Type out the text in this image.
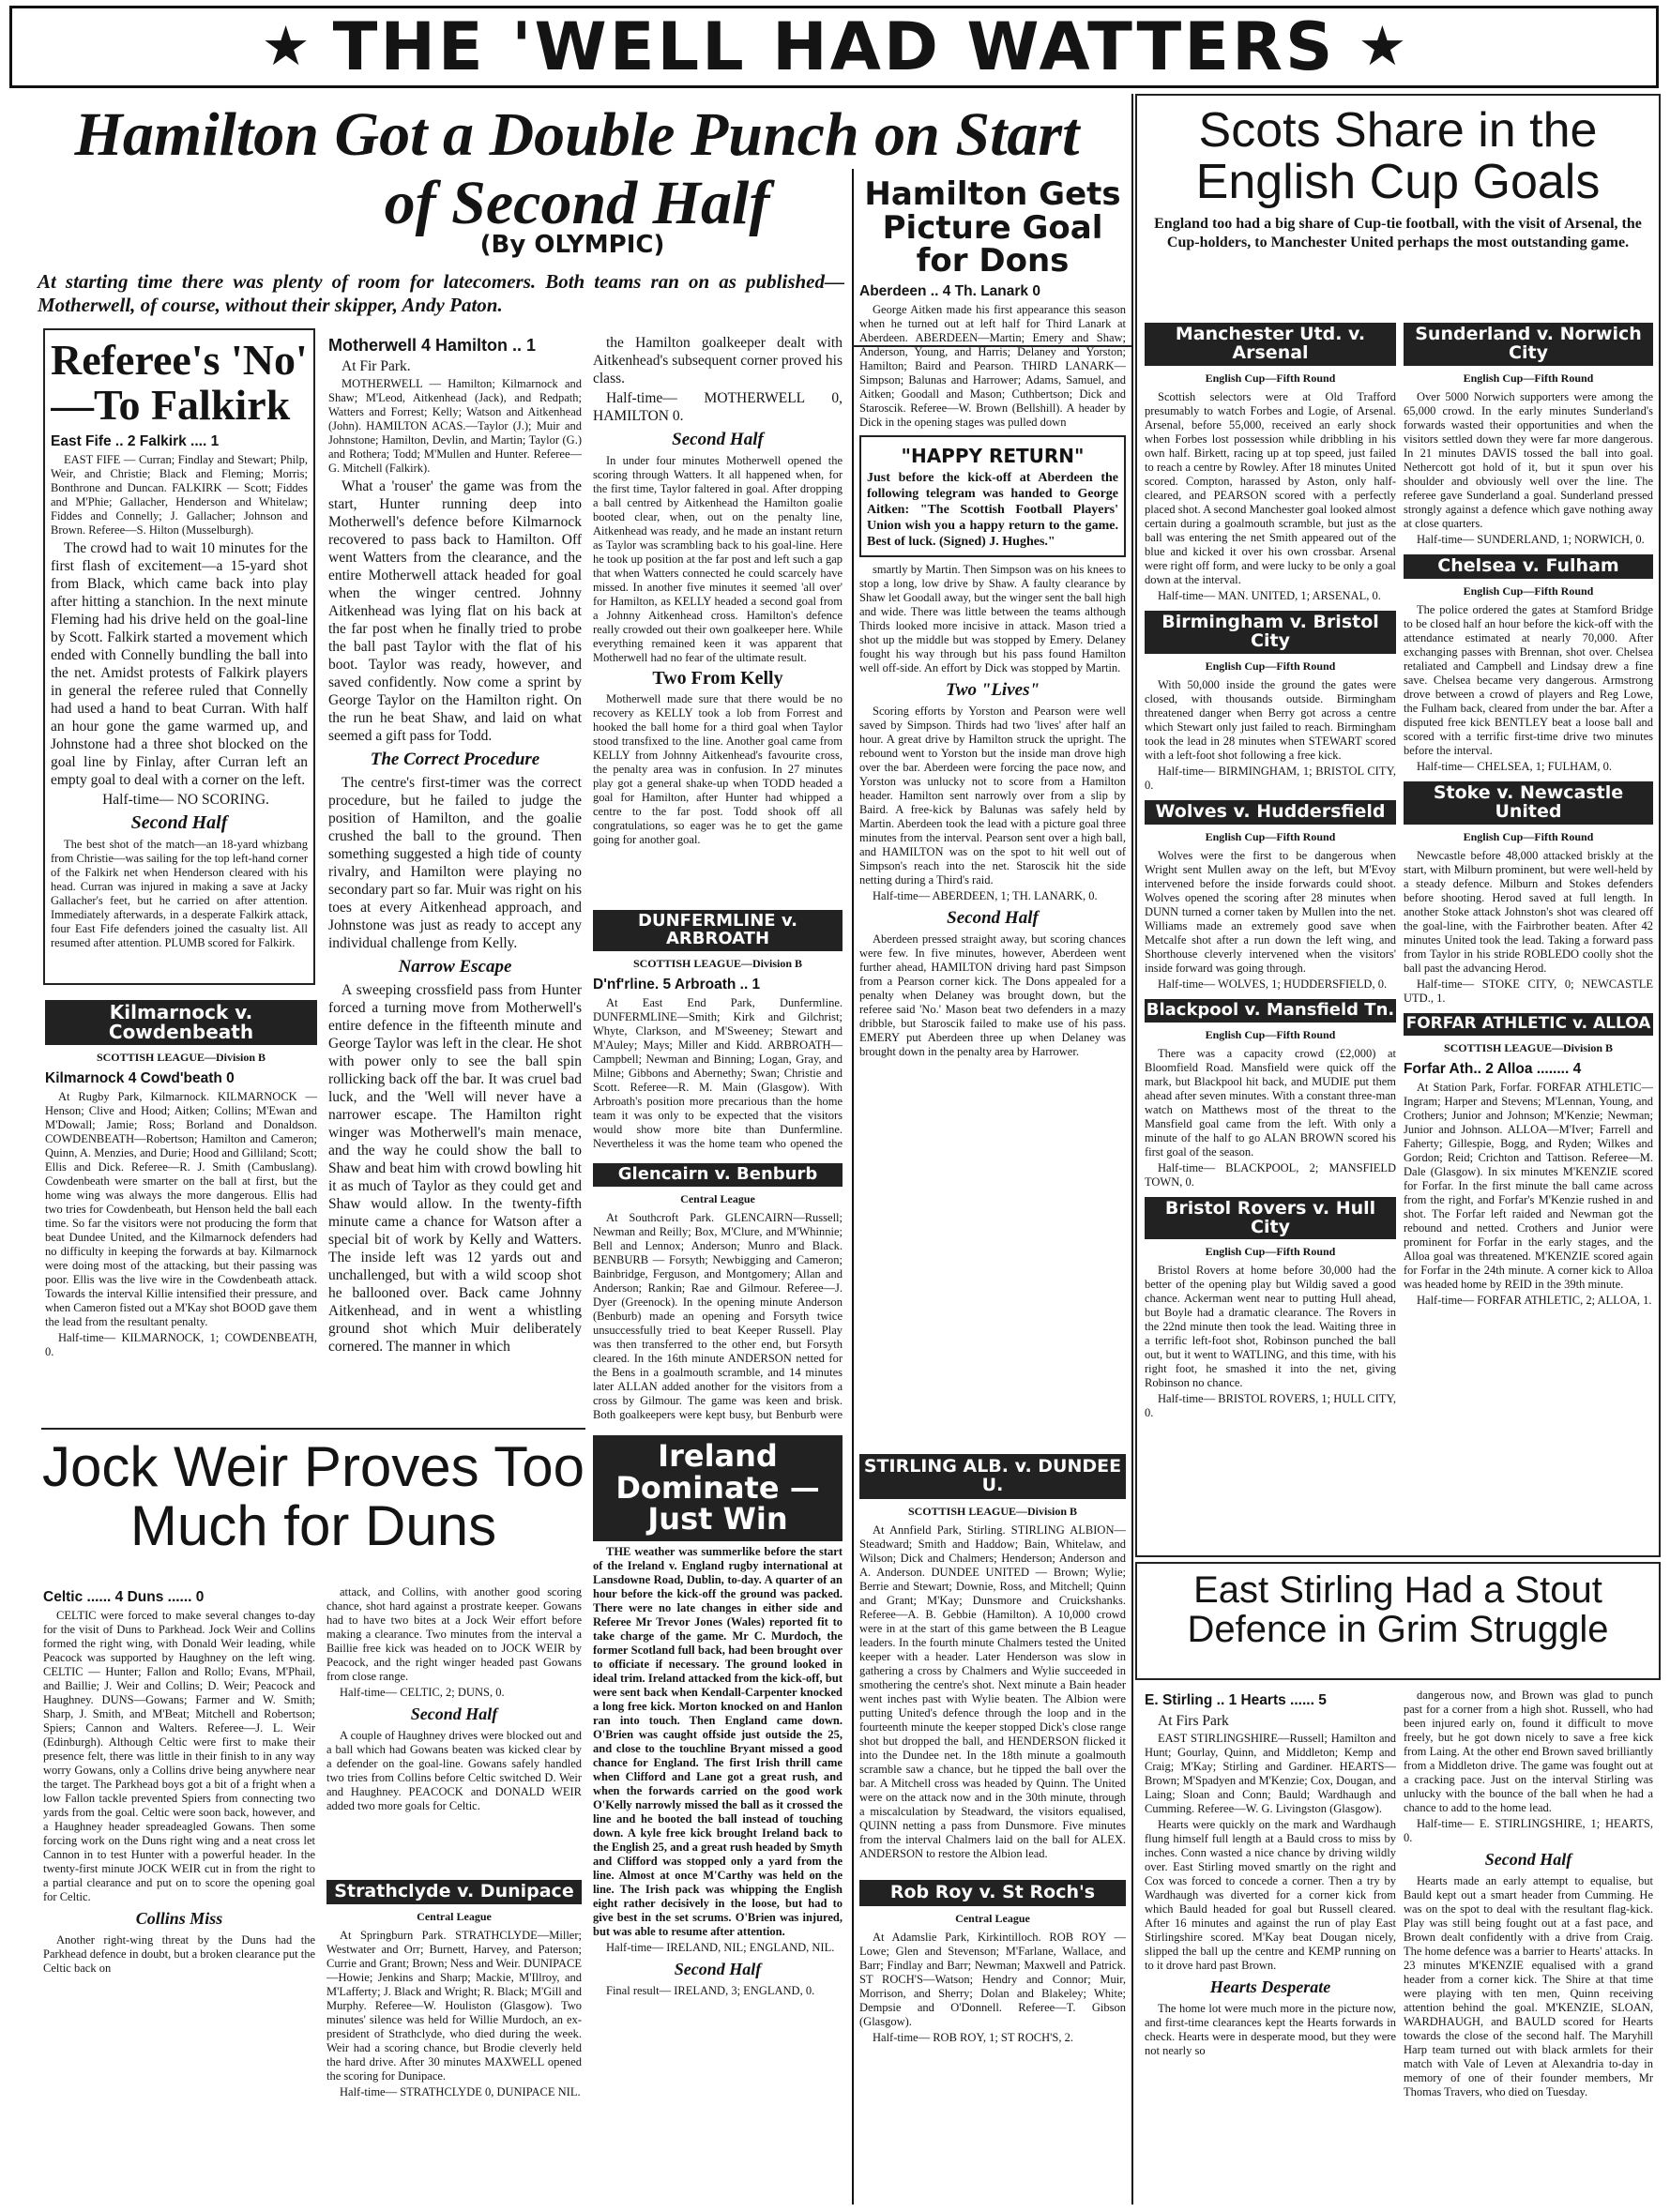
★ THE 'WELL HAD WATTERS ★
Hamilton Got a Double Punch on Start of Second Half
(By OLYMPIC)
At starting time there was plenty of room for latecomers. Both teams ran on as published—Motherwell, of course, without their skipper, Andy Paton.
Referee's 'No' —To Falkirk
East Fife .. 2 Falkirk .... 1

EAST FIFE — Curran; Findlay and Stewart; Philp, Weir, and Christie; Black and Fleming; Morris; Bonthrone and Duncan. FALKIRK — Scott; Fiddes and M'Phie; Gallacher, Henderson and Whitelaw; Fiddes and Connelly; J. Gallacher; Johnson and Brown. Referee—S. Hilton (Musselburgh).

The crowd had to wait 10 minutes for the first flash of excitement—a 15-yard shot from Black, which came back into play after hitting a stanchion. In the next minute Fleming had his drive held on the goal-line by Scott. Falkirk started a movement which ended with Connelly bundling the ball into the net. Amidst protests of Falkirk players in general the referee ruled that Connelly had used a hand to beat Curran. With half an hour gone the game warmed up, and Johnstone had a three shot blocked on the goal line by Finlay, after Curran left an empty goal to deal with a corner on the left.

Half-time— NO SCORING.

Second Half

The best shot of the match—an 18-yard whizbang from Christie—was sailing for the top left-hand corner of the Falkirk net when Henderson cleared with his head. Curran was injured in making a save at Jacky Gallacher's feet, but he carried on after attention. Immediately afterwards, in a desperate Falkirk attack, four East Fife defenders joined the casualty list. All resumed after attention. PLUMB scored for Falkirk.

Kilmarnock v. Cowdenbeath
SCOTTISH LEAGUE—Division B
Kilmarnock 4 Cowd'beath 0

At Rugby Park, Kilmarnock. KILMARNOCK — Henson; Clive and Hood; Aitken; Collins; M'Ewan and M'Dowall; Jamie; Ross; Borland and Donaldson. COWDENBEATH—Robertson; Hamilton and Cameron; Quinn, A. Menzies, and Durie; Hood and Gilliland; Scott; Ellis and Dick. Referee—R. J. Smith (Cambuslang). Cowdenbeath were smarter on the ball at first, but the home wing was always the more dangerous. Ellis had two tries for Cowdenbeath, but Henson held the ball each time. So far the visitors were not producing the form that beat Dundee United, and the Kilmarnock defenders had no difficulty in keeping the forwards at bay. Kilmarnock were doing most of the attacking, but their passing was poor. Ellis was the live wire in the Cowdenbeath attack. Towards the interval Killie intensified their pressure, and when Cameron fisted out a M'Kay shot BOOD gave them the lead from the resultant penalty.

Half-time— KILMARNOCK, 1; COWDENBEATH, 0.

Motherwell 4 Hamilton .. 1

At Fir Park.

MOTHERWELL — Hamilton; Kilmarnock and Shaw; M'Leod, Aitkenhead (Jack), and Redpath; Watters and Forrest; Kelly; Watson and Aitkenhead (John). HAMILTON ACAS.—Taylor (J.); Muir and Johnstone; Hamilton, Devlin, and Martin; Taylor (G.) and Rothera; Todd; M'Mullen and Hunter. Referee—G. Mitchell (Falkirk).

What a 'rouser' the game was from the start, Hunter running deep into Motherwell's defence before Kilmarnock recovered to pass back to Hamilton. Off went Watters from the clearance, and the entire Motherwell attack headed for goal when the winger centred. Johnny Aitkenhead was lying flat on his back at the far post when he finally tried to probe the ball past Taylor with the flat of his boot. Taylor was ready, however, and saved confidently. Now come a sprint by George Taylor on the Hamilton right. On the run he beat Shaw, and laid on what seemed a gift pass for Todd.

The Correct Procedure

The centre's first-timer was the correct procedure, but he failed to judge the position of Hamilton, and the goalie crushed the ball to the ground. Then something suggested a high tide of county rivalry, and Hamilton were playing no secondary part so far. Muir was right on his toes at every Aitkenhead approach, and Johnstone was just as ready to accept any individual challenge from Kelly.

Narrow Escape

A sweeping crossfield pass from Hunter forced a turning move from Motherwell's entire defence in the fifteenth minute and George Taylor was left in the clear. He shot with power only to see the ball spin rollicking back off the bar. It was cruel bad luck, and the 'Well will never have a narrower escape. The Hamilton right winger was Motherwell's main menace, and the way he could show the ball to Shaw and beat him with crowd bowling hit it as much of Taylor as they could get and Shaw would allow. In the twenty-fifth minute came a chance for Watson after a special bit of work by Kelly and Watters. The inside left was 12 yards out and unchallenged, but with a wild scoop shot he ballooned over. Back came Johnny Aitkenhead, and in went a whistling ground shot which Muir deliberately cornered. The manner in which

the Hamilton goalkeeper dealt with Aitkenhead's subsequent corner proved his class.

Half-time— MOTHERWELL 0, HAMILTON 0.

Second Half

In under four minutes Motherwell opened the scoring through Watters. It all happened when, for the first time, Taylor faltered in goal. After dropping a ball centred by Aitkenhead the Hamilton goalie booted clear, when, out on the penalty line, Aitkenhead was ready, and he made an instant return as Taylor was scrambling back to his goal-line. Here he took up position at the far post and left such a gap that when Watters connected he could scarcely have missed. In another five minutes it seemed 'all over' for Hamilton, as KELLY headed a second goal from a Johnny Aitkenhead cross. Hamilton's defence really crowded out their own goalkeeper here. While everything remained keen it was apparent that Motherwell had no fear of the ultimate result.

Two From Kelly

Motherwell made sure that there would be no recovery as KELLY took a lob from Forrest and hooked the ball home for a third goal when Taylor stood transfixed to the line. Another goal came from KELLY from Johnny Aitkenhead's favourite cross, the penalty area was in confusion. In 27 minutes play got a general shake-up when TODD headed a goal for Hamilton, after Hunter had whipped a centre to the far post. Todd shook off all congratulations, so eager was he to get the game going for another goal.

DUNFERMLINE v. ARBROATH
SCOTTISH LEAGUE—Division B
D'nf'rline. 5 Arbroath .. 1

At East End Park, Dunfermline. DUNFERMLINE—Smith; Kirk and Gilchrist; Whyte, Clarkson, and M'Sweeney; Stewart and M'Auley; Mays; Miller and Kidd. ARBROATH—Campbell; Newman and Binning; Logan, Gray, and Milne; Gibbons and Abernethy; Swan; Christie and Scott. Referee—R. M. Main (Glasgow). With Arbroath's position more precarious than the home team it was only to be expected that the visitors would show more bite than Dunfermline. Nevertheless it was the home team who opened the

Glencairn v. Benburb
Central League

At Southcroft Park. GLENCAIRN—Russell; Newman and Reilly; Box, M'Clure, and M'Whinnie; Bell and Lennox; Anderson; Munro and Black. BENBURB — Forsyth; Newbigging and Cameron; Bainbridge, Ferguson, and Montgomery; Allan and Anderson; Rankin; Rae and Gilmour. Referee—J. Dyer (Greenock). In the opening minute Anderson (Benburb) made an opening and Forsyth twice unsuccessfully tried to beat Keeper Russell. Play was then transferred to the other end, but Forsyth cleared. In the 16th minute ANDERSON netted for the Bens in a goalmouth scramble, and 14 minutes later ALLAN added another for the visitors from a cross by Gilmour. The game was keen and brisk. Both goalkeepers were kept busy, but Benburb were

Hamilton Gets Picture Goal for Dons
Aberdeen .. 4 Th. Lanark 0

George Aitken made his first appearance this season when he turned out at left half for Third Lanark at Aberdeen. ABERDEEN—Martin; Emery and Shaw; Anderson, Young, and Harris; Delaney and Yorston; Hamilton; Baird and Pearson. THIRD LANARK—Simpson; Balunas and Harrower; Adams, Samuel, and Aitken; Goodall and Mason; Cuthbertson; Dick and Staroscik. Referee—W. Brown (Bellshill). A header by Dick in the opening stages was pulled down

"HAPPY RETURN"
Just before the kick-off at Aberdeen the following telegram was handed to George Aitken: "The Scottish Football Players' Union wish you a happy return to the game. Best of luck. (Signed) J. Hughes."

smartly by Martin. Then Simpson was on his knees to stop a long, low drive by Shaw. A faulty clearance by Shaw let Goodall away, but the winger sent the ball high and wide. There was little between the teams although Thirds looked more incisive in attack. Mason tried a shot up the middle but was stopped by Emery. Delaney fought his way through but his pass found Hamilton well off-side. An effort by Dick was stopped by Martin.

Two "Lives"

Scoring efforts by Yorston and Pearson were well saved by Simpson. Thirds had two 'lives' after half an hour. A great drive by Hamilton struck the upright. The rebound went to Yorston but the inside man drove high over the bar. Aberdeen were forcing the pace now, and Yorston was unlucky not to score from a Hamilton header. Hamilton sent narrowly over from a slip by Baird. A free-kick by Balunas was safely held by Martin. Aberdeen took the lead with a picture goal three minutes from the interval. Pearson sent over a high ball, and HAMILTON was on the spot to hit well out of Simpson's reach into the net. Staroscik hit the side netting during a Third's raid.

Half-time— ABERDEEN, 1; TH. LANARK, 0.

Second Half

Aberdeen pressed straight away, but scoring chances were few. In five minutes, however, Aberdeen went further ahead, HAMILTON driving hard past Simpson from a Pearson corner kick. The Dons appealed for a penalty when Delaney was brought down, but the referee said 'No.' Mason beat two defenders in a mazy dribble, but Staroscik failed to make use of his pass. EMERY put Aberdeen three up when Delaney was brought down in the penalty area by Harrower.

Jock Weir Proves Too Much for Duns
Celtic ...... 4 Duns ...... 0

CELTIC were forced to make several changes to-day for the visit of Duns to Parkhead. Jock Weir and Collins formed the right wing, with Donald Weir leading, while Peacock was supported by Haughney on the left wing. CELTIC — Hunter; Fallon and Rollo; Evans, M'Phail, and Baillie; J. Weir and Collins; D. Weir; Peacock and Haughney. DUNS—Gowans; Farmer and W. Smith; Sharp, J. Smith, and M'Beat; Mitchell and Robertson; Spiers; Cannon and Walters. Referee—J. L. Weir (Edinburgh). Although Celtic were first to make their presence felt, there was little in their finish to in any way worry Gowans, only a Collins drive being anywhere near the target. The Parkhead boys got a bit of a fright when a low Fallon tackle prevented Spiers from connecting two yards from the goal. Celtic were soon back, however, and a Haughney header spreadeagled Gowans. Then some forcing work on the Duns right wing and a neat cross let Cannon in to test Hunter with a powerful header. In the twenty-first minute JOCK WEIR cut in from the right to a partial clearance and put on to score the opening goal for Celtic.

Collins Miss

Another right-wing threat by the Duns had the Parkhead defence in doubt, but a broken clearance put the Celtic back on

attack, and Collins, with another good scoring chance, shot hard against a prostrate keeper. Gowans had to have two bites at a Jock Weir effort before making a clearance. Two minutes from the interval a Baillie free kick was headed on to JOCK WEIR by Peacock, and the right winger headed past Gowans from close range.

Half-time— CELTIC, 2; DUNS, 0.

Second Half

A couple of Haughney drives were blocked out and a ball which had Gowans beaten was kicked clear by a defender on the goal-line. Gowans safely handled two tries from Collins before Celtic switched D. Weir and Haughney. PEACOCK and DONALD WEIR added two more goals for Celtic.

Strathclyde v. Dunipace
Central League

At Springburn Park. STRATHCLYDE—Miller; Westwater and Orr; Burnett, Harvey, and Paterson; Currie and Grant; Brown; Ness and Weir. DUNIPACE—Howie; Jenkins and Sharp; Mackie, M'Illroy, and M'Lafferty; J. Black and Wright; R. Black; M'Gill and Murphy. Referee—W. Houliston (Glasgow). Two minutes' silence was held for Willie Murdoch, an ex-president of Strathclyde, who died during the week. Weir had a scoring chance, but Brodie cleverly held the hard drive. After 30 minutes MAXWELL opened the scoring for Dunipace.

Half-time— STRATHCLYDE 0, DUNIPACE NIL.

Ireland Dominate —Just Win

THE weather was summerlike before the start of the Ireland v. England rugby international at Lansdowne Road, Dublin, to-day. A quarter of an hour before the kick-off the ground was packed. There were no late changes in either side and Referee Mr Trevor Jones (Wales) reported fit to take charge of the game. Mr C. Murdoch, the former Scotland full back, had been brought over to officiate if necessary. The ground looked in ideal trim. Ireland attacked from the kick-off, but were sent back when Kendall-Carpenter knocked a long free kick. Morton knocked on and Hanlon ran into touch. Then England came down. O'Brien was caught offside just outside the 25, and close to the touchline Bryant missed a good chance for England. The first Irish thrill came when Clifford and Lane got a great rush, and when the forwards carried on the good work O'Kelly narrowly missed the ball as it crossed the line and he booted the ball instead of touching down. A kyle free kick brought Ireland back to the English 25, and a great rush headed by Smyth and Clifford was stopped only a yard from the line. Almost at once M'Carthy was held on the line. The Irish pack was whipping the English eight rather decisively in the loose, but had to give best in the set scrums. O'Brien was injured, but was able to resume after attention.

Half-time— IRELAND, NIL; ENGLAND, NIL.

Second Half

Final result— IRELAND, 3; ENGLAND, 0.

STIRLING ALB. v. DUNDEE U.
SCOTTISH LEAGUE—Division B

At Annfield Park, Stirling. STIRLING ALBION—Steadward; Smith and Haddow; Bain, Whitelaw, and Wilson; Dick and Chalmers; Henderson; Anderson and A. Anderson. DUNDEE UNITED — Brown; Wylie; Berrie and Stewart; Downie, Ross, and Mitchell; Quinn and Grant; M'Kay; Dunsmore and Cruickshanks. Referee—A. B. Gebbie (Hamilton). A 10,000 crowd were in at the start of this game between the B League leaders. In the fourth minute Chalmers tested the United keeper with a header. Later Henderson was slow in gathering a cross by Chalmers and Wylie succeeded in smothering the centre's shot. Next minute a Bain header went inches past with Wylie beaten. The Albion were putting United's defence through the loop and in the fourteenth minute the keeper stopped Dick's close range shot but dropped the ball, and HENDERSON flicked it into the Dundee net. In the 18th minute a goalmouth scramble saw a chance, but he tipped the ball over the bar. A Mitchell cross was headed by Quinn. The United were on the attack now and in the 30th minute, through a miscalculation by Steadward, the visitors equalised, QUINN netting a pass from Dunsmore. Five minutes from the interval Chalmers laid on the ball for ALEX. ANDERSON to restore the Albion lead.

Rob Roy v. St Roch's
Central League

At Adamslie Park, Kirkintilloch. ROB ROY — Lowe; Glen and Stevenson; M'Farlane, Wallace, and Barr; Findlay and Barr; Newman; Maxwell and Patrick. ST ROCH'S—Watson; Hendry and Connor; Muir, Morrison, and Sherry; Dolan and Blakeley; White; Dempsie and O'Donnell. Referee—T. Gibson (Glasgow).

Half-time— ROB ROY, 1; ST ROCH'S, 2.

Scots Share in the English Cup Goals
England too had a big share of Cup-tie football, with the visit of Arsenal, the Cup-holders, to Manchester United perhaps the most outstanding game.
Manchester Utd. v. Arsenal
English Cup—Fifth Round

Scottish selectors were at Old Trafford presumably to watch Forbes and Logie, of Arsenal. Arsenal, before 55,000, received an early shock when Forbes lost possession while dribbling in his own half. Birkett, racing up at top speed, just failed to reach a centre by Rowley. After 18 minutes United scored. Compton, harassed by Aston, only half-cleared, and PEARSON scored with a perfectly placed shot. A second Manchester goal looked almost certain during a goalmouth scramble, but just as the ball was entering the net Smith appeared out of the blue and kicked it over his own crossbar. Arsenal were right off form, and were lucky to be only a goal down at the interval.

Half-time— MAN. UNITED, 1; ARSENAL, 0.

Birmingham v. Bristol City
English Cup—Fifth Round

With 50,000 inside the ground the gates were closed, with thousands outside. Birmingham threatened danger when Berry got across a centre which Stewart only just failed to reach. Birmingham took the lead in 28 minutes when STEWART scored with a left-foot shot following a free kick.

Half-time— BIRMINGHAM, 1; BRISTOL CITY, 0.

Wolves v. Huddersfield
English Cup—Fifth Round

Wolves were the first to be dangerous when Wright sent Mullen away on the left, but M'Evoy intervened before the inside forwards could shoot. Wolves opened the scoring after 28 minutes when DUNN turned a corner taken by Mullen into the net. Williams made an extremely good save when Metcalfe shot after a run down the left wing, and Shorthouse cleverly intervened when the visitors' inside forward was going through.

Half-time— WOLVES, 1; HUDDERSFIELD, 0.

Blackpool v. Mansfield Tn.
English Cup—Fifth Round

There was a capacity crowd (£2,000) at Bloomfield Road. Mansfield were quick off the mark, but Blackpool hit back, and MUDIE put them ahead after seven minutes. With a constant three-man watch on Matthews most of the threat to the Mansfield goal came from the left. With only a minute of the half to go ALAN BROWN scored his first goal of the season.

Half-time— BLACKPOOL, 2; MANSFIELD TOWN, 0.

Bristol Rovers v. Hull City
English Cup—Fifth Round

Bristol Rovers at home before 30,000 had the better of the opening play but Wildig saved a good chance. Ackerman went near to putting Hull ahead, but Boyle had a dramatic clearance. The Rovers in the 22nd minute then took the lead. Waiting three in a terrific left-foot shot, Robinson punched the ball out, but it went to WATLING, and this time, with his right foot, he smashed it into the net, giving Robinson no chance.

Half-time— BRISTOL ROVERS, 1; HULL CITY, 0.

Sunderland v. Norwich City
English Cup—Fifth Round

Over 5000 Norwich supporters were among the 65,000 crowd. In the early minutes Sunderland's forwards wasted their opportunities and when the visitors settled down they were far more dangerous. In 21 minutes DAVIS tossed the ball into goal. Nethercott got hold of it, but it spun over his shoulder and obviously well over the line. The referee gave Sunderland a goal. Sunderland pressed strongly against a defence which gave nothing away at close quarters.

Half-time— SUNDERLAND, 1; NORWICH, 0.

Chelsea v. Fulham
English Cup—Fifth Round

The police ordered the gates at Stamford Bridge to be closed half an hour before the kick-off with the attendance estimated at nearly 70,000. After exchanging passes with Brennan, shot over. Chelsea retaliated and Campbell and Lindsay drew a fine save. Chelsea became very dangerous. Armstrong drove between a crowd of players and Reg Lowe, the Fulham back, cleared from under the bar. After a disputed free kick BENTLEY beat a loose ball and scored with a terrific first-time drive two minutes before the interval.

Half-time— CHELSEA, 1; FULHAM, 0.

Stoke v. Newcastle United
English Cup—Fifth Round

Newcastle before 48,000 attacked briskly at the start, with Milburn prominent, but were well-held by a steady defence. Milburn and Stokes defenders before shooting. Herod saved at full length. In another Stoke attack Johnston's shot was cleared off the goal-line, with the Fairbrother beaten. After 42 minutes United took the lead. Taking a forward pass from Taylor in his stride ROBLEDO coolly shot the ball past the advancing Herod.

Half-time— STOKE CITY, 0; NEWCASTLE UTD., 1.

FORFAR ATHLETIC v. ALLOA
SCOTTISH LEAGUE—Division B
Forfar Ath.. 2 Alloa ........ 4

At Station Park, Forfar. FORFAR ATHLETIC—Ingram; Harper and Stevens; M'Lennan, Young, and Crothers; Junior and Johnson; M'Kenzie; Newman; Junior and Johnson. ALLOA—M'Iver; Farrell and Faherty; Gillespie, Bogg, and Ryden; Wilkes and Gordon; Reid; Crichton and Tattison. Referee—M. Dale (Glasgow). In six minutes M'KENZIE scored for Forfar. In the first minute the ball came across from the right, and Forfar's M'Kenzie rushed in and shot. The Forfar left raided and Newman got the rebound and netted. Crothers and Junior were prominent for Forfar in the early stages, and the Alloa goal was threatened. M'KENZIE scored again for Forfar in the 24th minute. A corner kick to Alloa was headed home by REID in the 39th minute.

Half-time— FORFAR ATHLETIC, 2; ALLOA, 1.

East Stirling Had a Stout Defence in Grim Struggle
E. Stirling .. 1 Hearts ...... 5

At Firs Park

EAST STIRLINGSHIRE—Russell; Hamilton and Hunt; Gourlay, Quinn, and Middleton; Kemp and Craig; M'Kay; Stirling and Gardiner. HEARTS—Brown; M'Spadyen and M'Kenzie; Cox, Dougan, and Laing; Sloan and Conn; Bauld; Wardhaugh and Cumming. Referee—W. G. Livingston (Glasgow).

Hearts were quickly on the mark and Wardhaugh flung himself full length at a Bauld cross to miss by inches. Conn wasted a nice chance by driving wildly over. East Stirling moved smartly on the right and Cox was forced to concede a corner. Then a try by Wardhaugh was diverted for a corner kick from which Bauld headed for goal but Russell cleared. After 16 minutes and against the run of play East Stirlingshire scored. M'Kay beat Dougan nicely, slipped the ball up the centre and KEMP running on to it drove hard past Brown.

Hearts Desperate

The home lot were much more in the picture now, and first-time clearances kept the Hearts forwards in check. Hearts were in desperate mood, but they were not nearly so

dangerous now, and Brown was glad to punch past for a corner from a high shot. Russell, who had been injured early on, found it difficult to move freely, but he got down nicely to save a free kick from Laing. At the other end Brown saved brilliantly from a Middleton drive. The game was fought out at a cracking pace. Just on the interval Stirling was unlucky with the bounce of the ball when he had a chance to add to the home lead.

Half-time— E. STIRLINGSHIRE, 1; HEARTS, 0.

Second Half

Hearts made an early attempt to equalise, but Bauld kept out a smart header from Cumming. He was on the spot to deal with the resultant flag-kick. Play was still being fought out at a fast pace, and Brown dealt confidently with a drive from Craig. The home defence was a barrier to Hearts' attacks. In 23 minutes M'KENZIE equalised with a grand header from a corner kick. The Shire at that time were playing with ten men, Quinn receiving attention behind the goal. M'KENZIE, SLOAN, WARDHAUGH, and BAULD scored for Hearts towards the close of the second half. The Maryhill Harp team turned out with black armlets for their match with Vale of Leven at Alexandria to-day in memory of one of their founder members, Mr Thomas Travers, who died on Tuesday.
